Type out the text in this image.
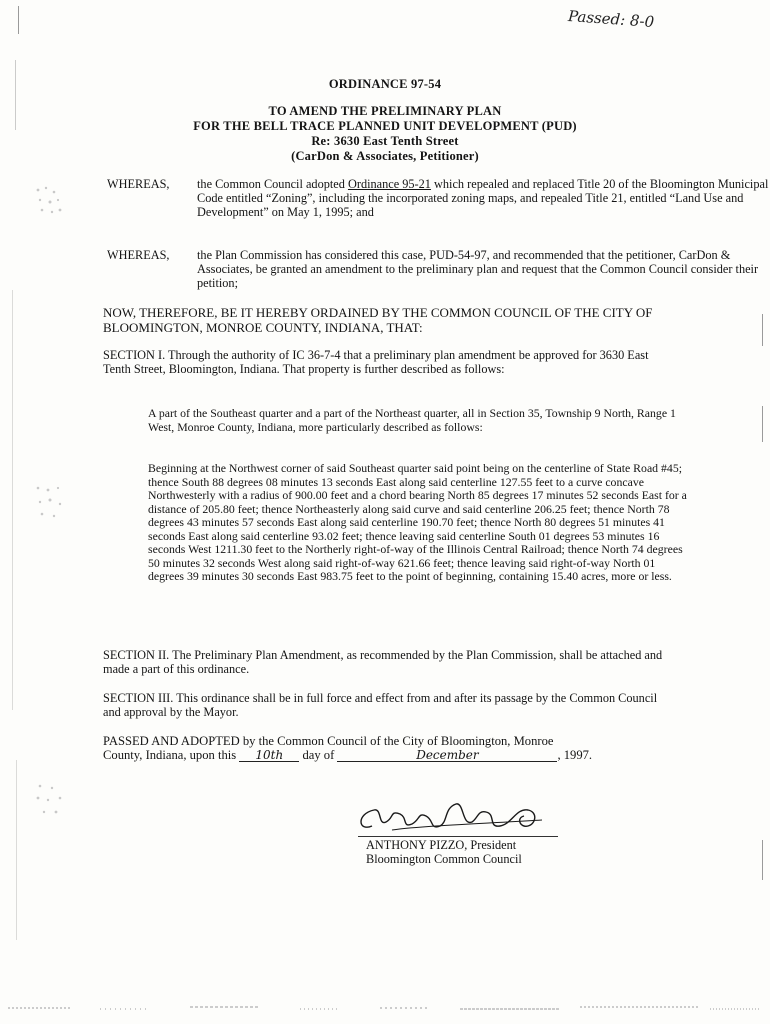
Passed: 8-0
ORDINANCE 97-54
TO AMEND THE PRELIMINARY PLAN
FOR THE BELL TRACE PLANNED UNIT DEVELOPMENT (PUD)
Re: 3630 East Tenth Street
(CarDon & Associates, Petitioner)
WHEREAS,	the Common Council adopted Ordinance 95-21 which repealed and replaced Title 20 of the Bloomington Municipal Code entitled “Zoning”, including the incorporated zoning maps, and repealed Title 21, entitled “Land Use and Development” on May 1, 1995; and
WHEREAS,	the Plan Commission has considered this case, PUD-54-97, and recommended that the petitioner, CarDon & Associates, be granted an amendment to the preliminary plan and request that the Common Council consider their petition;
NOW, THEREFORE, BE IT HEREBY ORDAINED BY THE COMMON COUNCIL OF THE CITY OF BLOOMINGTON, MONROE COUNTY, INDIANA, THAT:
SECTION I. Through the authority of IC 36-7-4 that a preliminary plan amendment be approved for 3630 East Tenth Street, Bloomington, Indiana. That property is further described as follows:
A part of the Southeast quarter and a part of the Northeast quarter, all in Section 35, Township 9 North, Range 1 West, Monroe County, Indiana, more particularly described as follows:
Beginning at the Northwest corner of said Southeast quarter said point being on the centerline of State Road #45; thence South 88 degrees 08 minutes 13 seconds East along said centerline 127.55 feet to a curve concave Northwesterly with a radius of 900.00 feet and a chord bearing North 85 degrees 17 minutes 52 seconds East for a distance of 205.80 feet; thence Northeasterly along said curve and said centerline 206.25 feet; thence North 78 degrees 43 minutes 57 seconds East along said centerline 190.70 feet; thence North 80 degrees 51 minutes 41 seconds East along said centerline 93.02 feet; thence leaving said centerline South 01 degrees 53 minutes 16 seconds West 1211.30 feet to the Northerly right-of-way of the Illinois Central Railroad; thence North 74 degrees 50 minutes 32 seconds West along said right-of-way 621.66 feet; thence leaving said right-of-way North 01 degrees 39 minutes 30 seconds East 983.75 feet to the point of beginning, containing 15.40 acres, more or less.
SECTION II. The Preliminary Plan Amendment, as recommended by the Plan Commission, shall be attached and made a part of this ordinance.
SECTION III. This ordinance shall be in full force and effect from and after its passage by the Common Council and approval by the Mayor.
PASSED AND ADOPTED by the Common Council of the City of Bloomington, Monroe
County, Indiana, upon this 10th day of	December	, 1997.
ANTHONY PIZZO, President
Bloomington Common Council
